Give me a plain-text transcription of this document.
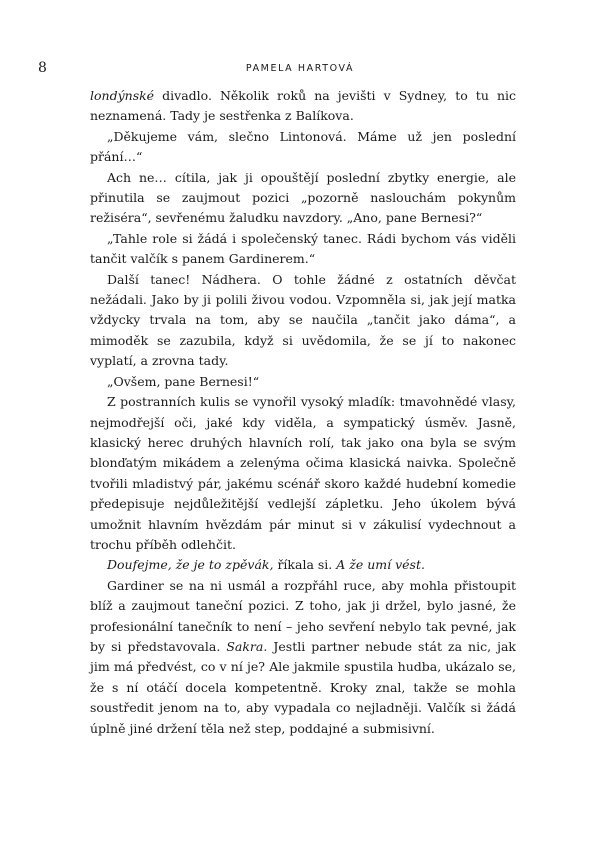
8	PAMELA HARTOVÁ

londýnské divadlo. Několik roků na jevišti v Sydney, to tu nic neznamená. Tady je sestřenka z Balíkova.

„Děkujeme vám, slečno Lintonová. Máme už jen poslední přání…“

Ach ne… cítila, jak ji opouštějí poslední zbytky energie, ale přinutila se zaujmout pozici „pozorně naslouchám pokynům režiséra“, sevřenému žaludku navzdory. „Ano, pane Bernesi?“

„Tahle role si žádá i společenský tanec. Rádi bychom vás viděli tančit valčík s panem Gardinerem.“

Další tanec! Nádhera. O tohle žádné z ostatních děvčat nežádali. Jako by ji polili živou vodou. Vzpomněla si, jak její matka vždycky trvala na tom, aby se naučila „tančit jako dáma“, a mimoděk se zazubila, když si uvědomila, že se jí to nakonec vyplatí, a zrovna tady.

„Ovšem, pane Bernesi!“

Z postranních kulis se vynořil vysoký mladík: tmavohnědé vlasy, nejmodřejší oči, jaké kdy viděla, a sympatický úsměv. Jasně, klasický herec druhých hlavních rolí, tak jako ona byla se svým blonďatým mikádem a zelenýma očima klasická naivka. Společně tvořili mladistvý pár, jakému scénář skoro každé hudební komedie předepisuje nejdůležitější vedlejší zápletku. Jeho úkolem bývá umožnit hlavním hvězdám pár minut si v zákulisí vydechnout a trochu příběh odlehčit.

Doufejme, že je to zpěvák, říkala si. A že umí vést.

Gardiner se na ni usmál a rozpřáhl ruce, aby mohla přistoupit blíž a zaujmout taneční pozici. Z toho, jak ji držel, bylo jasné, že profesionální tanečník to není – jeho sevření nebylo tak pevné, jak by si představovala. Sakra. Jestli partner nebude stát za nic, jak jim má předvést, co v ní je? Ale jakmile spustila hudba, ukázalo se, že s ní otáčí docela kompetentně. Kroky znal, takže se mohla soustředit jenom na to, aby vypadala co nejladněji. Valčík si žádá úplně jiné držení těla než step, poddajné a submisivní.
